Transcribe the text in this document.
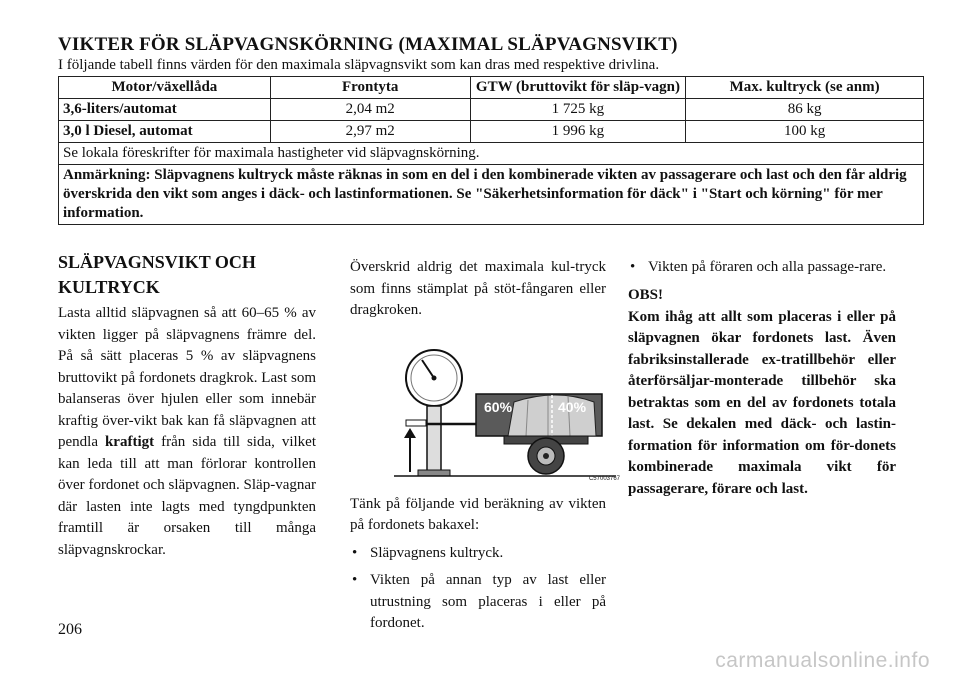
VIKTER FÖR SLÄPVAGNSKÖRNING (MAXIMAL SLÄPVAGNSVIKT)

I följande tabell finns värden för den maximala släpvagnsvikt som kan dras med respektive drivlina.

Motor/växellåda	Frontyta	GTW (bruttovikt för släp-vagn)	Max. kultryck (se anm)
3,6-liters/automat	2,04 m2	1 725 kg	86 kg
3,0 l Diesel, automat	2,97 m2	1 996 kg	100 kg
Se lokala föreskrifter för maximala hastigheter vid släpvagnskörning.			
Anmärkning: Släpvagnens kultryck måste räknas in som en del i den kombinerade vikten av passagerare och last och den får aldrig överskrida den vikt som anges i däck- och lastinformationen. Se "Säkerhetsinformation för däck" i "Start och körning" för mer information.			
SLÄPVAGNSVIKT OCH KULTRYCK

Lasta alltid släpvagnen så att 60–65 % av vikten ligger på släpvagnens främre del. På så sätt placeras 5 % av släpvagnens bruttovikt på fordonets dragkrok. Last som balanseras över hjulen eller som innebär kraftig över-vikt bak kan få släpvagnen att pendla kraftigt från sida till sida, vilket kan leda till att man förlorar kontrollen över fordonet och släpvagnen. Släp-vagnar där lasten inte lagts med tyngdpunkten framtill är orsaken till många släpvagnskrockar.

Överskrid aldrig det maximala kul-tryck som finns stämplat på stöt-fångaren eller dragkroken.

60%	40%
C57003767

Tänk på följande vid beräkning av vikten på fordonets bakaxel:

• Släpvagnens kultryck.
• Vikten på annan typ av last eller utrustning som placeras i eller på fordonet.
• Vikten på föraren och alla passage-rare.

OBS!

Kom ihåg att allt som placeras i eller på släpvagnen ökar fordonets last. Även fabriksinstallerade ex-tratillbehör eller återförsäljar-monterade tillbehör ska betraktas som en del av fordonets totala last. Se dekalen med däck- och lastin-formation för information om för-donets kombinerade maximala vikt för passagerare, förare och last.

206

carmanualsonline.info
